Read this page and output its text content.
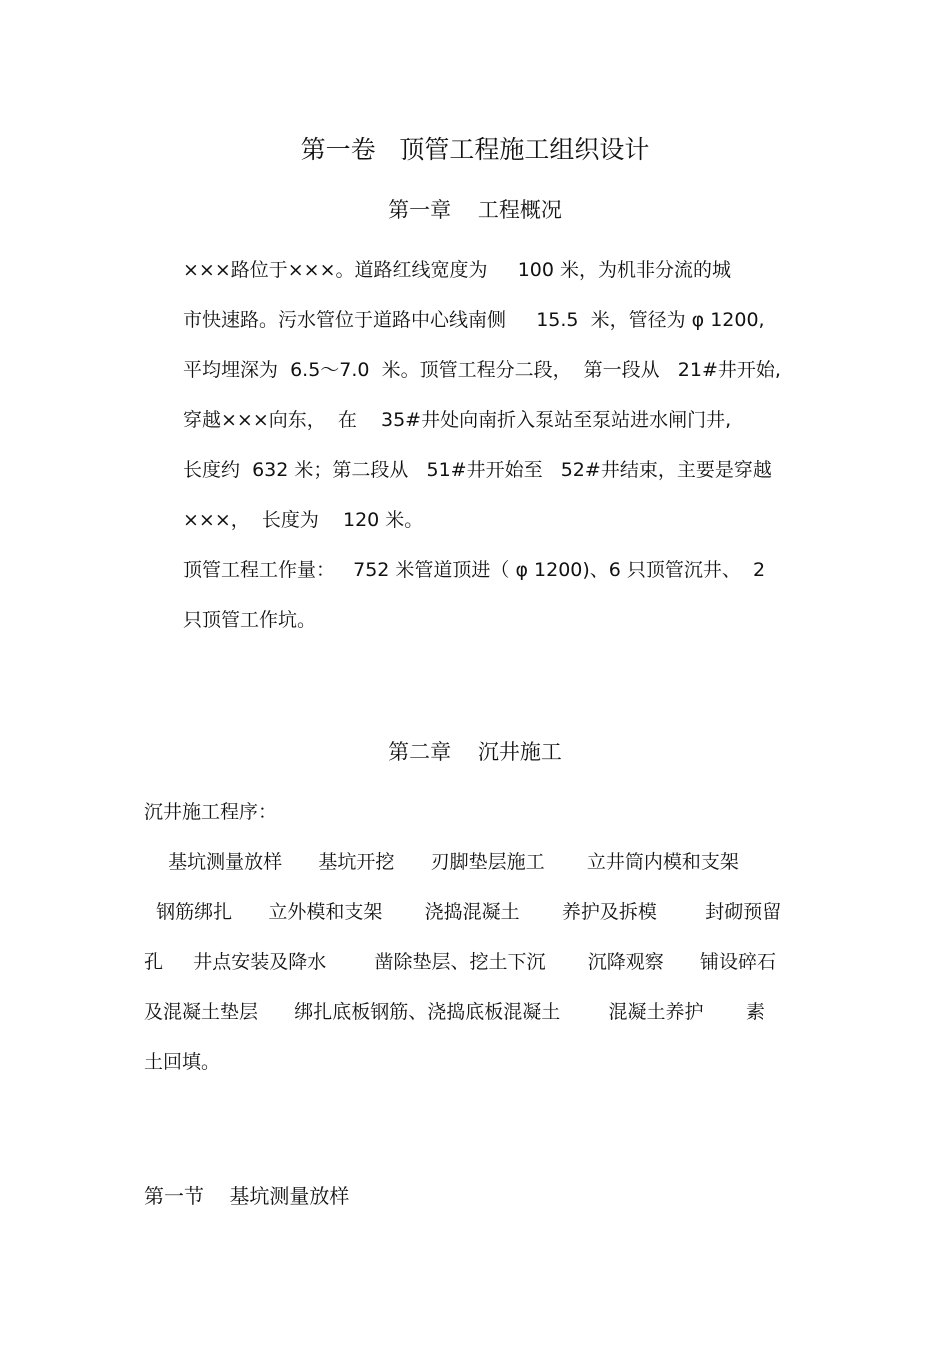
第一卷   顶管工程施工组织设计
第一章    工程概况
×××路位于×××。道路红线宽度为     100 米，为机非分流的城
市快速路。污水管位于道路中心线南侧     15.5  米，管径为 φ 1200,
平均埋深为  6.5～7.0  米。顶管工程分二段，  第一段从   21#井开始,
穿越×××向东，  在    35#井处向南折入泵站至泵站进水闸门井,
长度约  632 米；第二段从   51#井开始至   52#井结束，主要是穿越
×××，  长度为    120 米。
顶管工程工作量：   752 米管道顶进（ φ 1200)、6 只顶管沉井、  2
只顶管工作坑。
第二章    沉井施工
沉井施工程序：
基坑测量放样      基坑开挖      刃脚垫层施工       立井筒内模和支架
钢筋绑扎      立外模和支架       浇捣混凝土       养护及拆模        封砌预留
孔     井点安装及降水        凿除垫层、挖土下沉       沉降观察      铺设碎石
及混凝土垫层      绑扎底板钢筋、浇捣底板混凝土        混凝土养护       素
土回填。
第一节    基坑测量放样
